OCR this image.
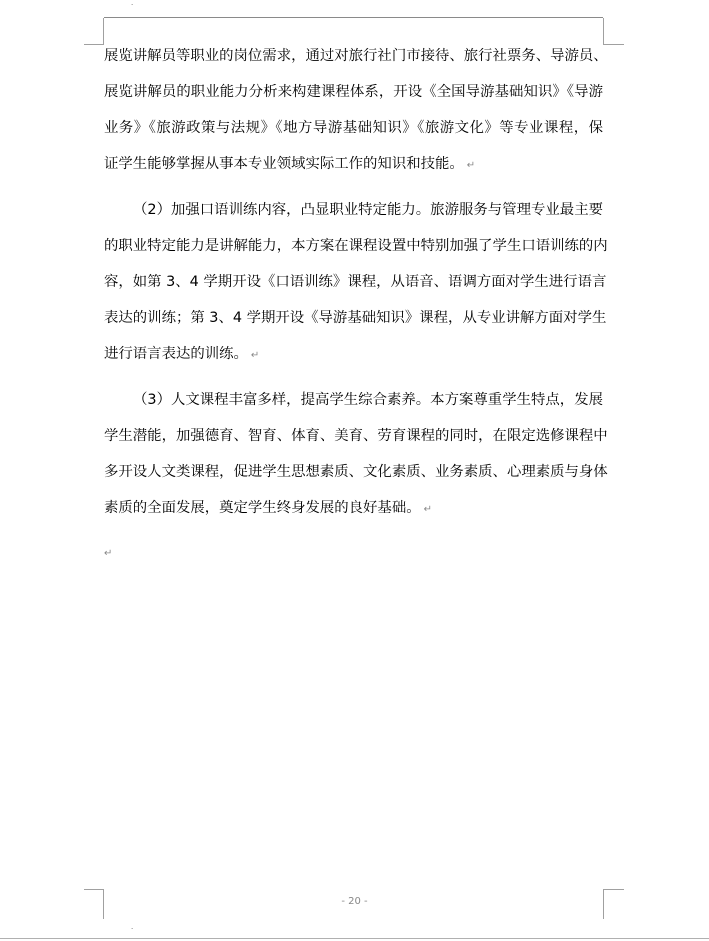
·
展览讲解员等职业的岗位需求，通过对旅行社门市接待、旅行社票务、导游员、
展览讲解员的职业能力分析来构建课程体系，开设《全国导游基础知识》《导游
业务》《旅游政策与法规》《地方导游基础知识》《旅游文化》等专业课程，保
证学生能够掌握从事本专业领域实际工作的知识和技能。 ↵
（2）加强口语训练内容，凸显职业特定能力。旅游服务与管理专业最主要
的职业特定能力是讲解能力，本方案在课程设置中特别加强了学生口语训练的内
容，如第 3、4 学期开设《口语训练》课程，从语音、语调方面对学生进行语言
表达的训练；第 3、4 学期开设《导游基础知识》课程，从专业讲解方面对学生
进行语言表达的训练。 ↵
（3）人文课程丰富多样，提高学生综合素养。本方案尊重学生特点，发展
学生潜能，加强德育、智育、体育、美育、劳育课程的同时，在限定选修课程中
多开设人文类课程，促进学生思想素质、文化素质、业务素质、心理素质与身体
素质的全面发展，奠定学生终身发展的良好基础。 ↵
↵
- 20 -
·
